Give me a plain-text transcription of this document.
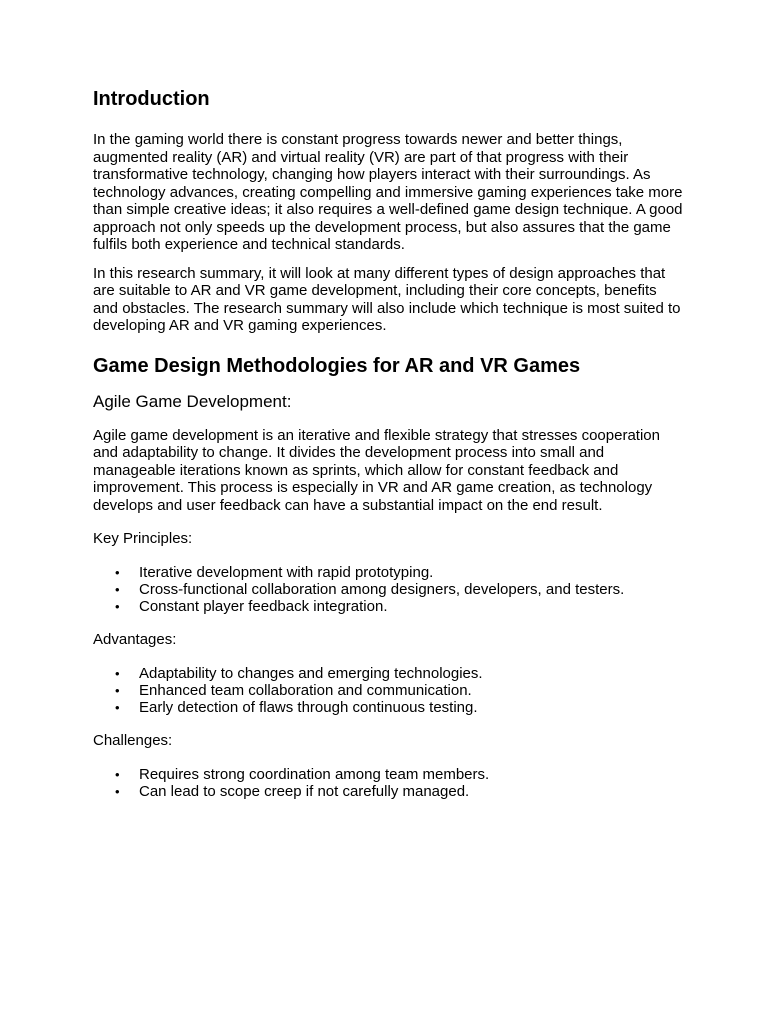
Introduction

In the gaming world there is constant progress towards newer and better things, augmented reality (AR) and virtual reality (VR) are part of that progress with their transformative technology, changing how players interact with their surroundings. As technology advances, creating compelling and immersive gaming experiences take more than simple creative ideas; it also requires a well-defined game design technique. A good approach not only speeds up the development process, but also assures that the game fulfils both experience and technical standards.

In this research summary, it will look at many different types of design approaches that are suitable to AR and VR game development, including their core concepts, benefits and obstacles. The research summary will also include which technique is most suited to developing AR and VR gaming experiences.

Game Design Methodologies for AR and VR Games
Agile Game Development:

Agile game development is an iterative and flexible strategy that stresses cooperation and adaptability to change. It divides the development process into small and manageable iterations known as sprints, which allow for constant feedback and improvement. This process is especially in VR and AR game creation, as technology develops and user feedback can have a substantial impact on the end result.

Key Principles:

• Iterative development with rapid prototyping.
• Cross-functional collaboration among designers, developers, and testers.
• Constant player feedback integration.

Advantages:

• Adaptability to changes and emerging technologies.
• Enhanced team collaboration and communication.
• Early detection of flaws through continuous testing.

Challenges:

• Requires strong coordination among team members.
• Can lead to scope creep if not carefully managed.
